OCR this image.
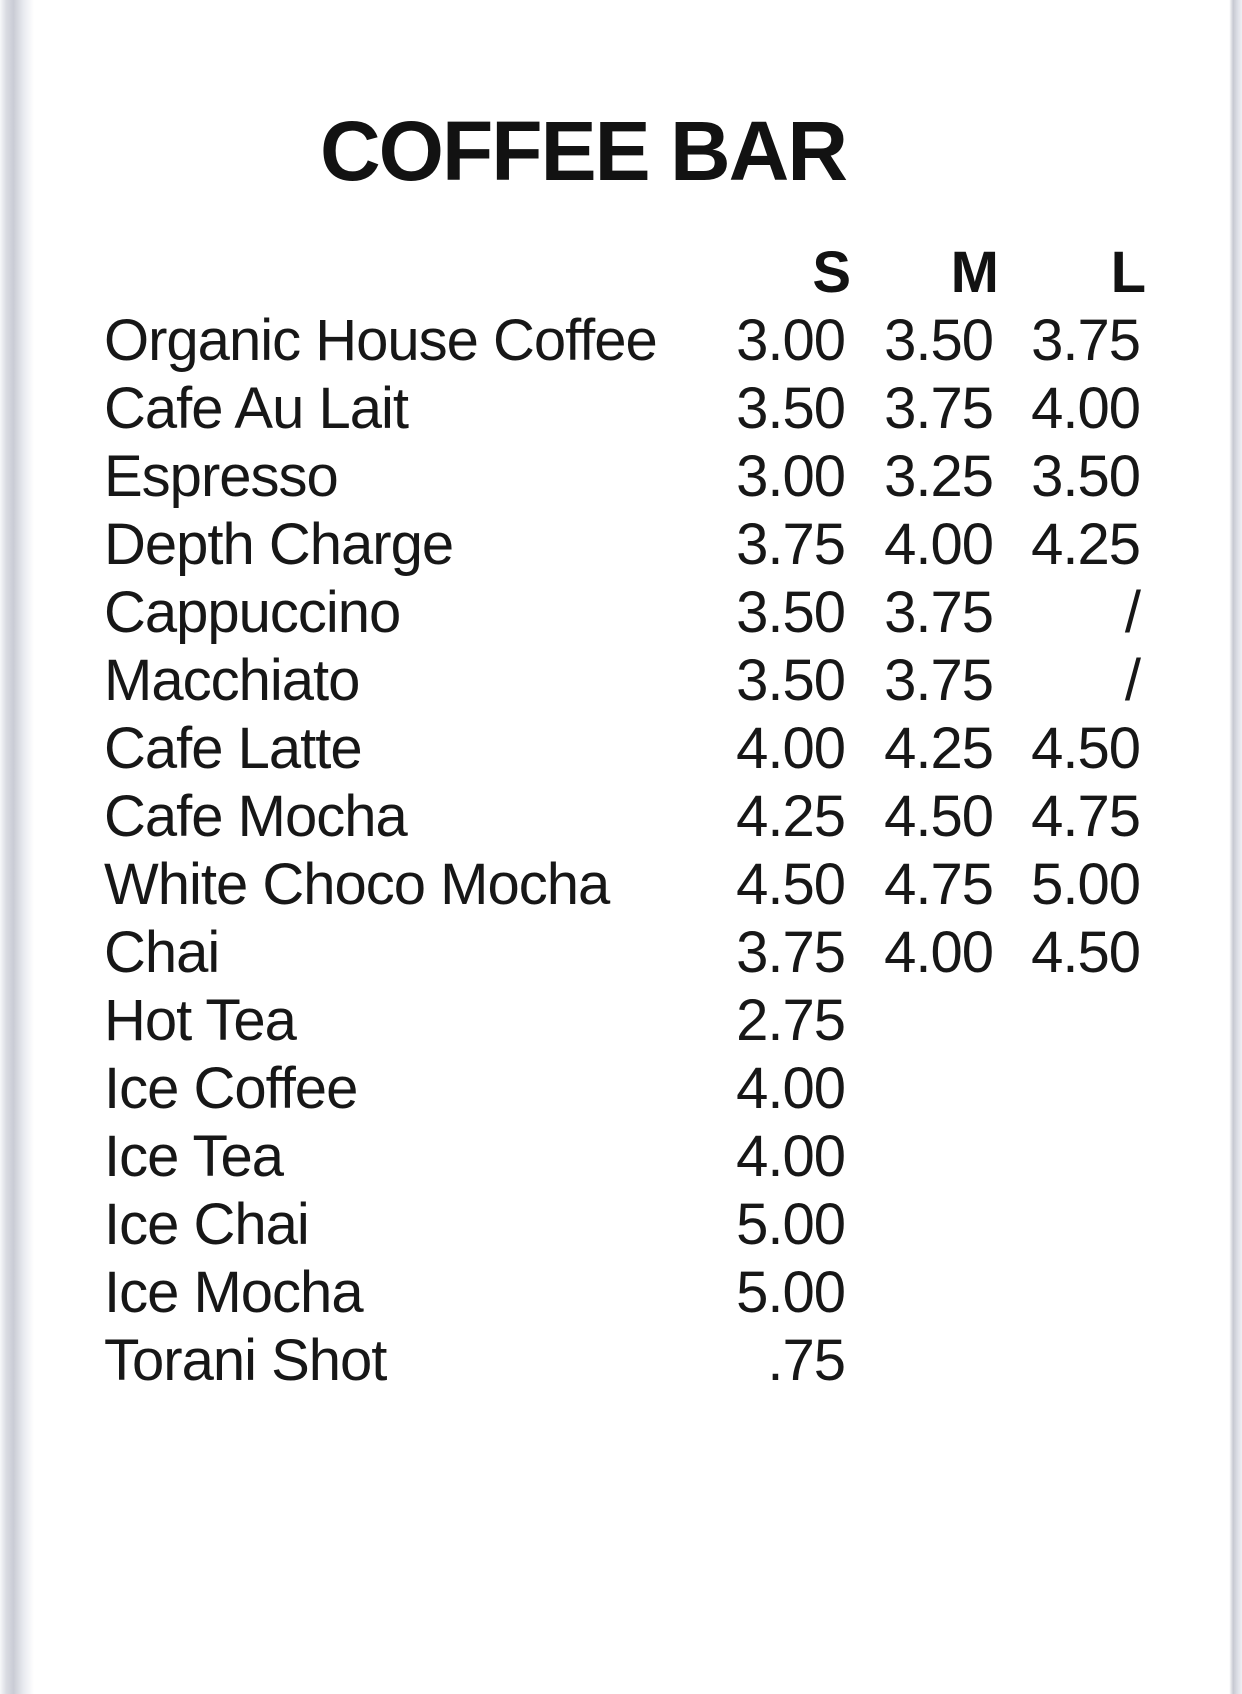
COFFEE BAR
	S	M	L
Organic House Coffee	3.00	3.50	3.75
Cafe Au Lait	3.50	3.75	4.00
Espresso	3.00	3.25	3.50
Depth Charge	3.75	4.00	4.25
Cappuccino	3.50	3.75	/
Macchiato	3.50	3.75	/
Cafe Latte	4.00	4.25	4.50
Cafe Mocha	4.25	4.50	4.75
White Choco Mocha	4.50	4.75	5.00
Chai	3.75	4.00	4.50
Hot Tea	2.75		
Ice Coffee	4.00		
Ice Tea	4.00		
Ice Chai	5.00		
Ice Mocha	5.00		
Torani Shot	.75		
